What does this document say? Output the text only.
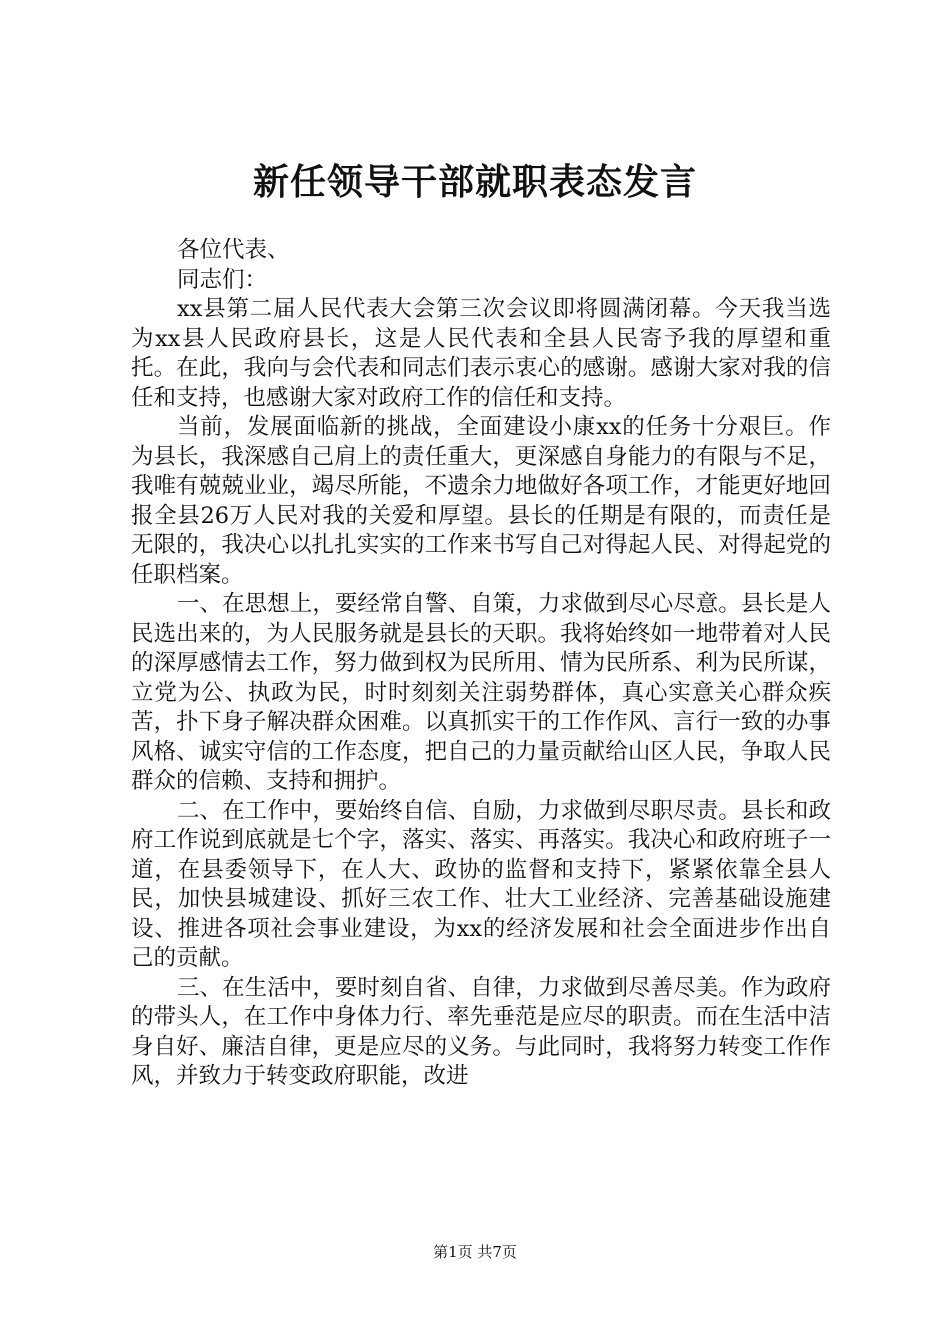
新任领导干部就职表态发言

各位代表、

同志们：

xx县第二届人民代表大会第三次会议即将圆满闭幕。今天我当选为xx县人民政府县长，这是人民代表和全县人民寄予我的厚望和重托。在此，我向与会代表和同志们表示衷心的感谢。感谢大家对我的信任和支持，也感谢大家对政府工作的信任和支持。

当前，发展面临新的挑战，全面建设小康xx的任务十分艰巨。作为县长，我深感自己肩上的责任重大，更深感自身能力的有限与不足，我唯有兢兢业业，竭尽所能，不遗余力地做好各项工作，才能更好地回报全县26万人民对我的关爱和厚望。县长的任期是有限的，而责任是无限的，我决心以扎扎实实的工作来书写自己对得起人民、对得起党的任职档案。

一、在思想上，要经常自警、自策，力求做到尽心尽意。县长是人民选出来的，为人民服务就是县长的天职。我将始终如一地带着对人民的深厚感情去工作，努力做到权为民所用、情为民所系、利为民所谋，立党为公、执政为民，时时刻刻关注弱势群体，真心实意关心群众疾苦，扑下身子解决群众困难。以真抓实干的工作作风、言行一致的办事风格、诚实守信的工作态度，把自己的力量贡献给山区人民，争取人民群众的信赖、支持和拥护。

二、在工作中，要始终自信、自励，力求做到尽职尽责。县长和政府工作说到底就是七个字，落实、落实、再落实。我决心和政府班子一道，在县委领导下，在人大、政协的监督和支持下，紧紧依靠全县人民，加快县城建设、抓好三农工作、壮大工业经济、完善基础设施建设、推进各项社会事业建设，为xx的经济发展和社会全面进步作出自己的贡献。

三、在生活中，要时刻自省、自律，力求做到尽善尽美。作为政府的带头人，在工作中身体力行、率先垂范是应尽的职责。而在生活中洁身自好、廉洁自律，更是应尽的义务。与此同时，我将努力转变工作作风，并致力于转变政府职能，改进

第1页 共7页
